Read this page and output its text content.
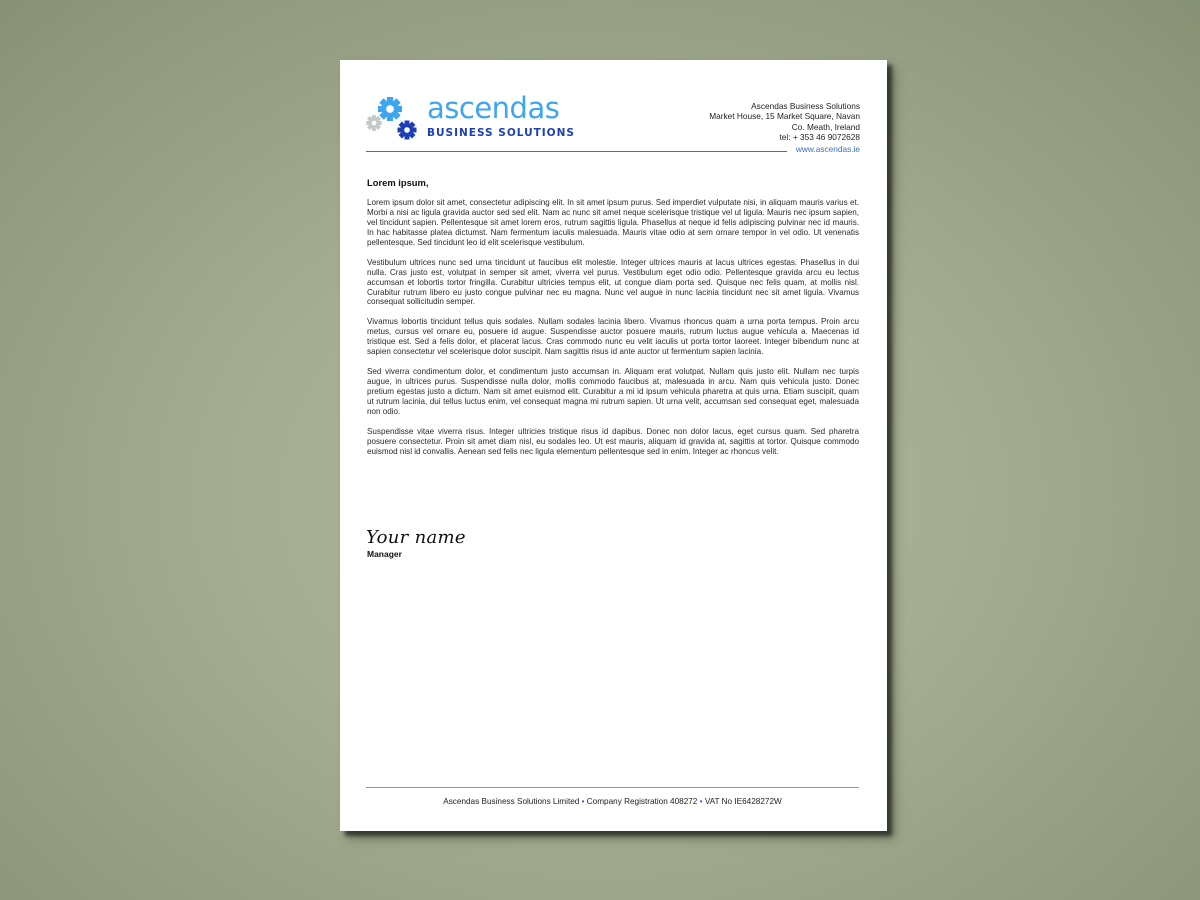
ascendas
BUSINESS SOLUTIONS
Ascendas Business Solutions
Market House, 15 Market Square, Navan
Co. Meath, Ireland
tel: + 353 46 9072628
www.ascendas.ie
Lorem ipsum,

Lorem ipsum dolor sit amet, consectetur adipiscing elit. In sit amet ipsum purus. Sed imperdiet vulputate nisi, in aliquam mauris varius et. Morbi a nisi ac ligula gravida auctor sed sed elit. Nam ac nunc sit amet neque scelerisque tristique vel ut ligula. Mauris nec ipsum sapien, vel tincidunt sapien. Pellentesque sit amet lorem eros, rutrum sagittis ligula. Phasellus at neque id felis adipiscing pulvinar nec id mauris. In hac habitasse platea dictumst. Nam fermentum iaculis malesuada. Mauris vitae odio at sem ornare tempor in vel odio. Ut venenatis pellentesque. Sed tincidunt leo id elit scelerisque vestibulum.

Vestibulum ultrices nunc sed urna tincidunt ut faucibus elit molestie. Integer ultrices mauris at lacus ultrices egestas. Phasellus in dui nulla. Cras justo est, volutpat in semper sit amet, viverra vel purus. Vestibulum eget odio odio. Pellentesque gravida arcu eu lectus accumsan et lobortis tortor fringilla. Curabitur ultricies tempus elit, ut congue diam porta sed. Quisque nec felis quam, at mollis nisl. Curabitur rutrum libero eu justo congue pulvinar nec eu magna. Nunc vel augue in nunc lacinia tincidunt nec sit amet ligula. Vivamus consequat sollicitudin semper.

Vivamus lobortis tincidunt tellus quis sodales. Nullam sodales lacinia libero. Vivamus rhoncus quam a urna porta tempus. Proin arcu metus, cursus vel ornare eu, posuere id augue. Suspendisse auctor posuere mauris, rutrum luctus augue vehicula a. Maecenas id tristique est. Sed a felis dolor, et placerat lacus. Cras commodo nunc eu velit iaculis ut porta tortor laoreet. Integer bibendum nunc at sapien consectetur vel scelerisque dolor suscipit. Nam sagittis risus id ante auctor ut fermentum sapien lacinia.

Sed viverra condimentum dolor, et condimentum justo accumsan in. Aliquam erat volutpat. Nullam quis justo elit. Nullam nec turpis augue, in ultrices purus. Suspendisse nulla dolor, mollis commodo faucibus at, malesuada in arcu. Nam quis vehicula justo. Donec pretium egestas justo a dictum. Nam sit amet euismod elit. Curabitur a mi id ipsum vehicula pharetra at quis urna. Etiam suscipit, quam ut rutrum lacinia, dui tellus luctus enim, vel consequat magna mi rutrum sapien. Ut urna velit, accumsan sed consequat eget, malesuada non odio.

Suspendisse vitae viverra risus. Integer ultricies tristique risus id dapibus. Donec non dolor lacus, eget cursus quam. Sed pharetra posuere consectetur. Proin sit amet diam nisl, eu sodales leo. Ut est mauris, aliquam id gravida at, sagittis at tortor. Quisque commodo euismod nisl id convallis. Aenean sed felis nec ligula elementum pellentesque sed in enim. Integer ac rhoncus velit.

Your name
Manager
Ascendas Business Solutions Limited • Company Registration 408272 • VAT No IE6428272W
